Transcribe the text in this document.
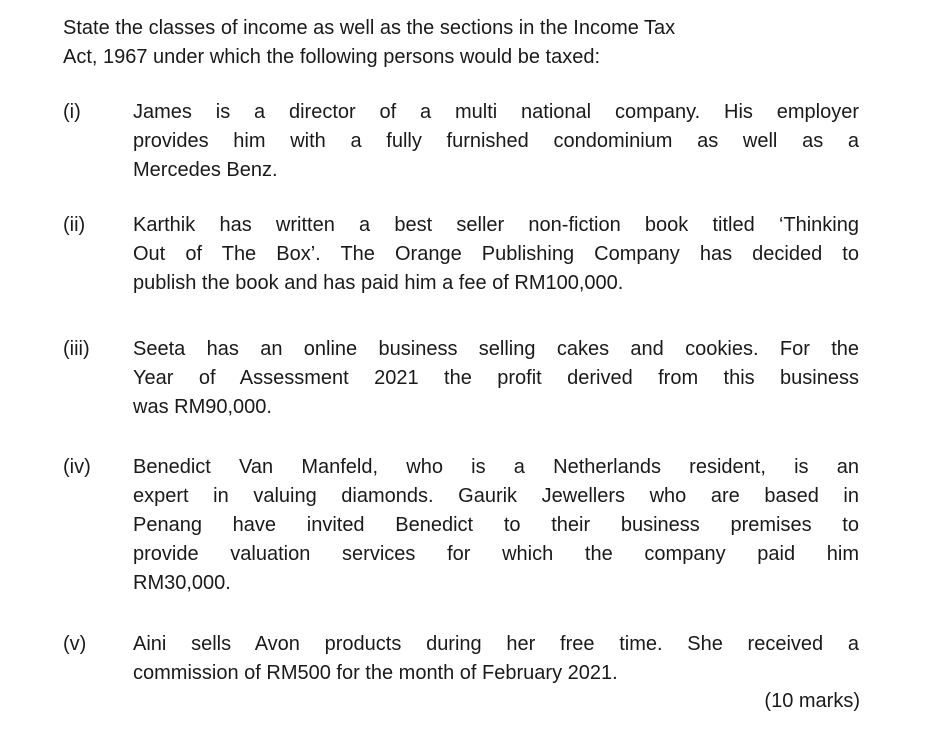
State the classes of income as well as the sections in the Income Tax
Act, 1967 under which the following persons would be taxed:

(i)	James is a director of a multi national company. His employer
provides him with a fully furnished condominium as well as a
Mercedes Benz.
(ii) Karthik has written a best seller non-fiction book titled ‘Thinking
Out of The Box’. The Orange Publishing Company has decided to
publish the book and has paid him a fee of RM100,000.
(iii) Seeta has an online business selling cakes and cookies. For the
Year of Assessment 2021 the profit derived from this business
was RM90,000.
(iv) Benedict Van Manfeld, who is a Netherlands resident, is an
expert in valuing diamonds. Gaurik Jewellers who are based in
Penang have invited Benedict to their business premises to
provide valuation services for which the company paid him
RM30,000.
(v) Aini sells Avon products during her free time. She received a
commission of RM500 for the month of February 2021.
(10 marks)
